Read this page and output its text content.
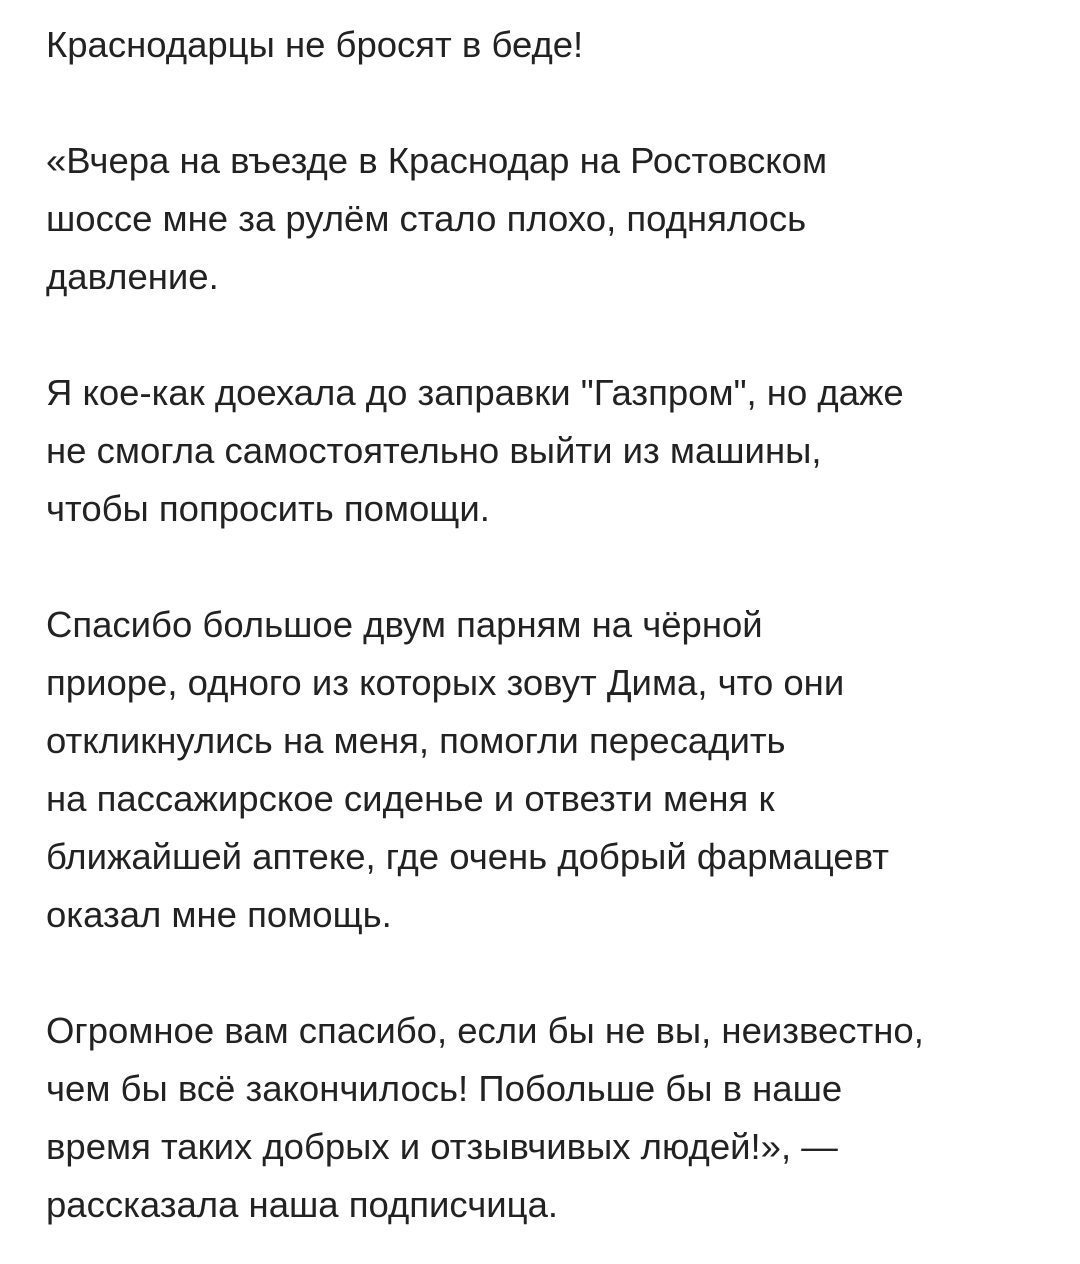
Краснодарцы не бросят в беде!

«Вчера на въезде в Краснодар на Ростовском
шоссе мне за рулём стало плохо, поднялось
давление.

Я кое-как доехала до заправки "Газпром", но даже
не смогла самостоятельно выйти из машины,
чтобы попросить помощи.

Спасибо большое двум парням на чёрной
приоре, одного из которых зовут Дима, что они
откликнулись на меня, помогли пересадить
на пассажирское сиденье и отвезти меня к
ближайшей аптеке, где очень добрый фармацевт
оказал мне помощь.

Огромное вам спасибо, если бы не вы, неизвестно,
чем бы всё закончилось! Побольше бы в наше
время таких добрых и отзывчивых людей!», —
рассказала наша подписчица.
